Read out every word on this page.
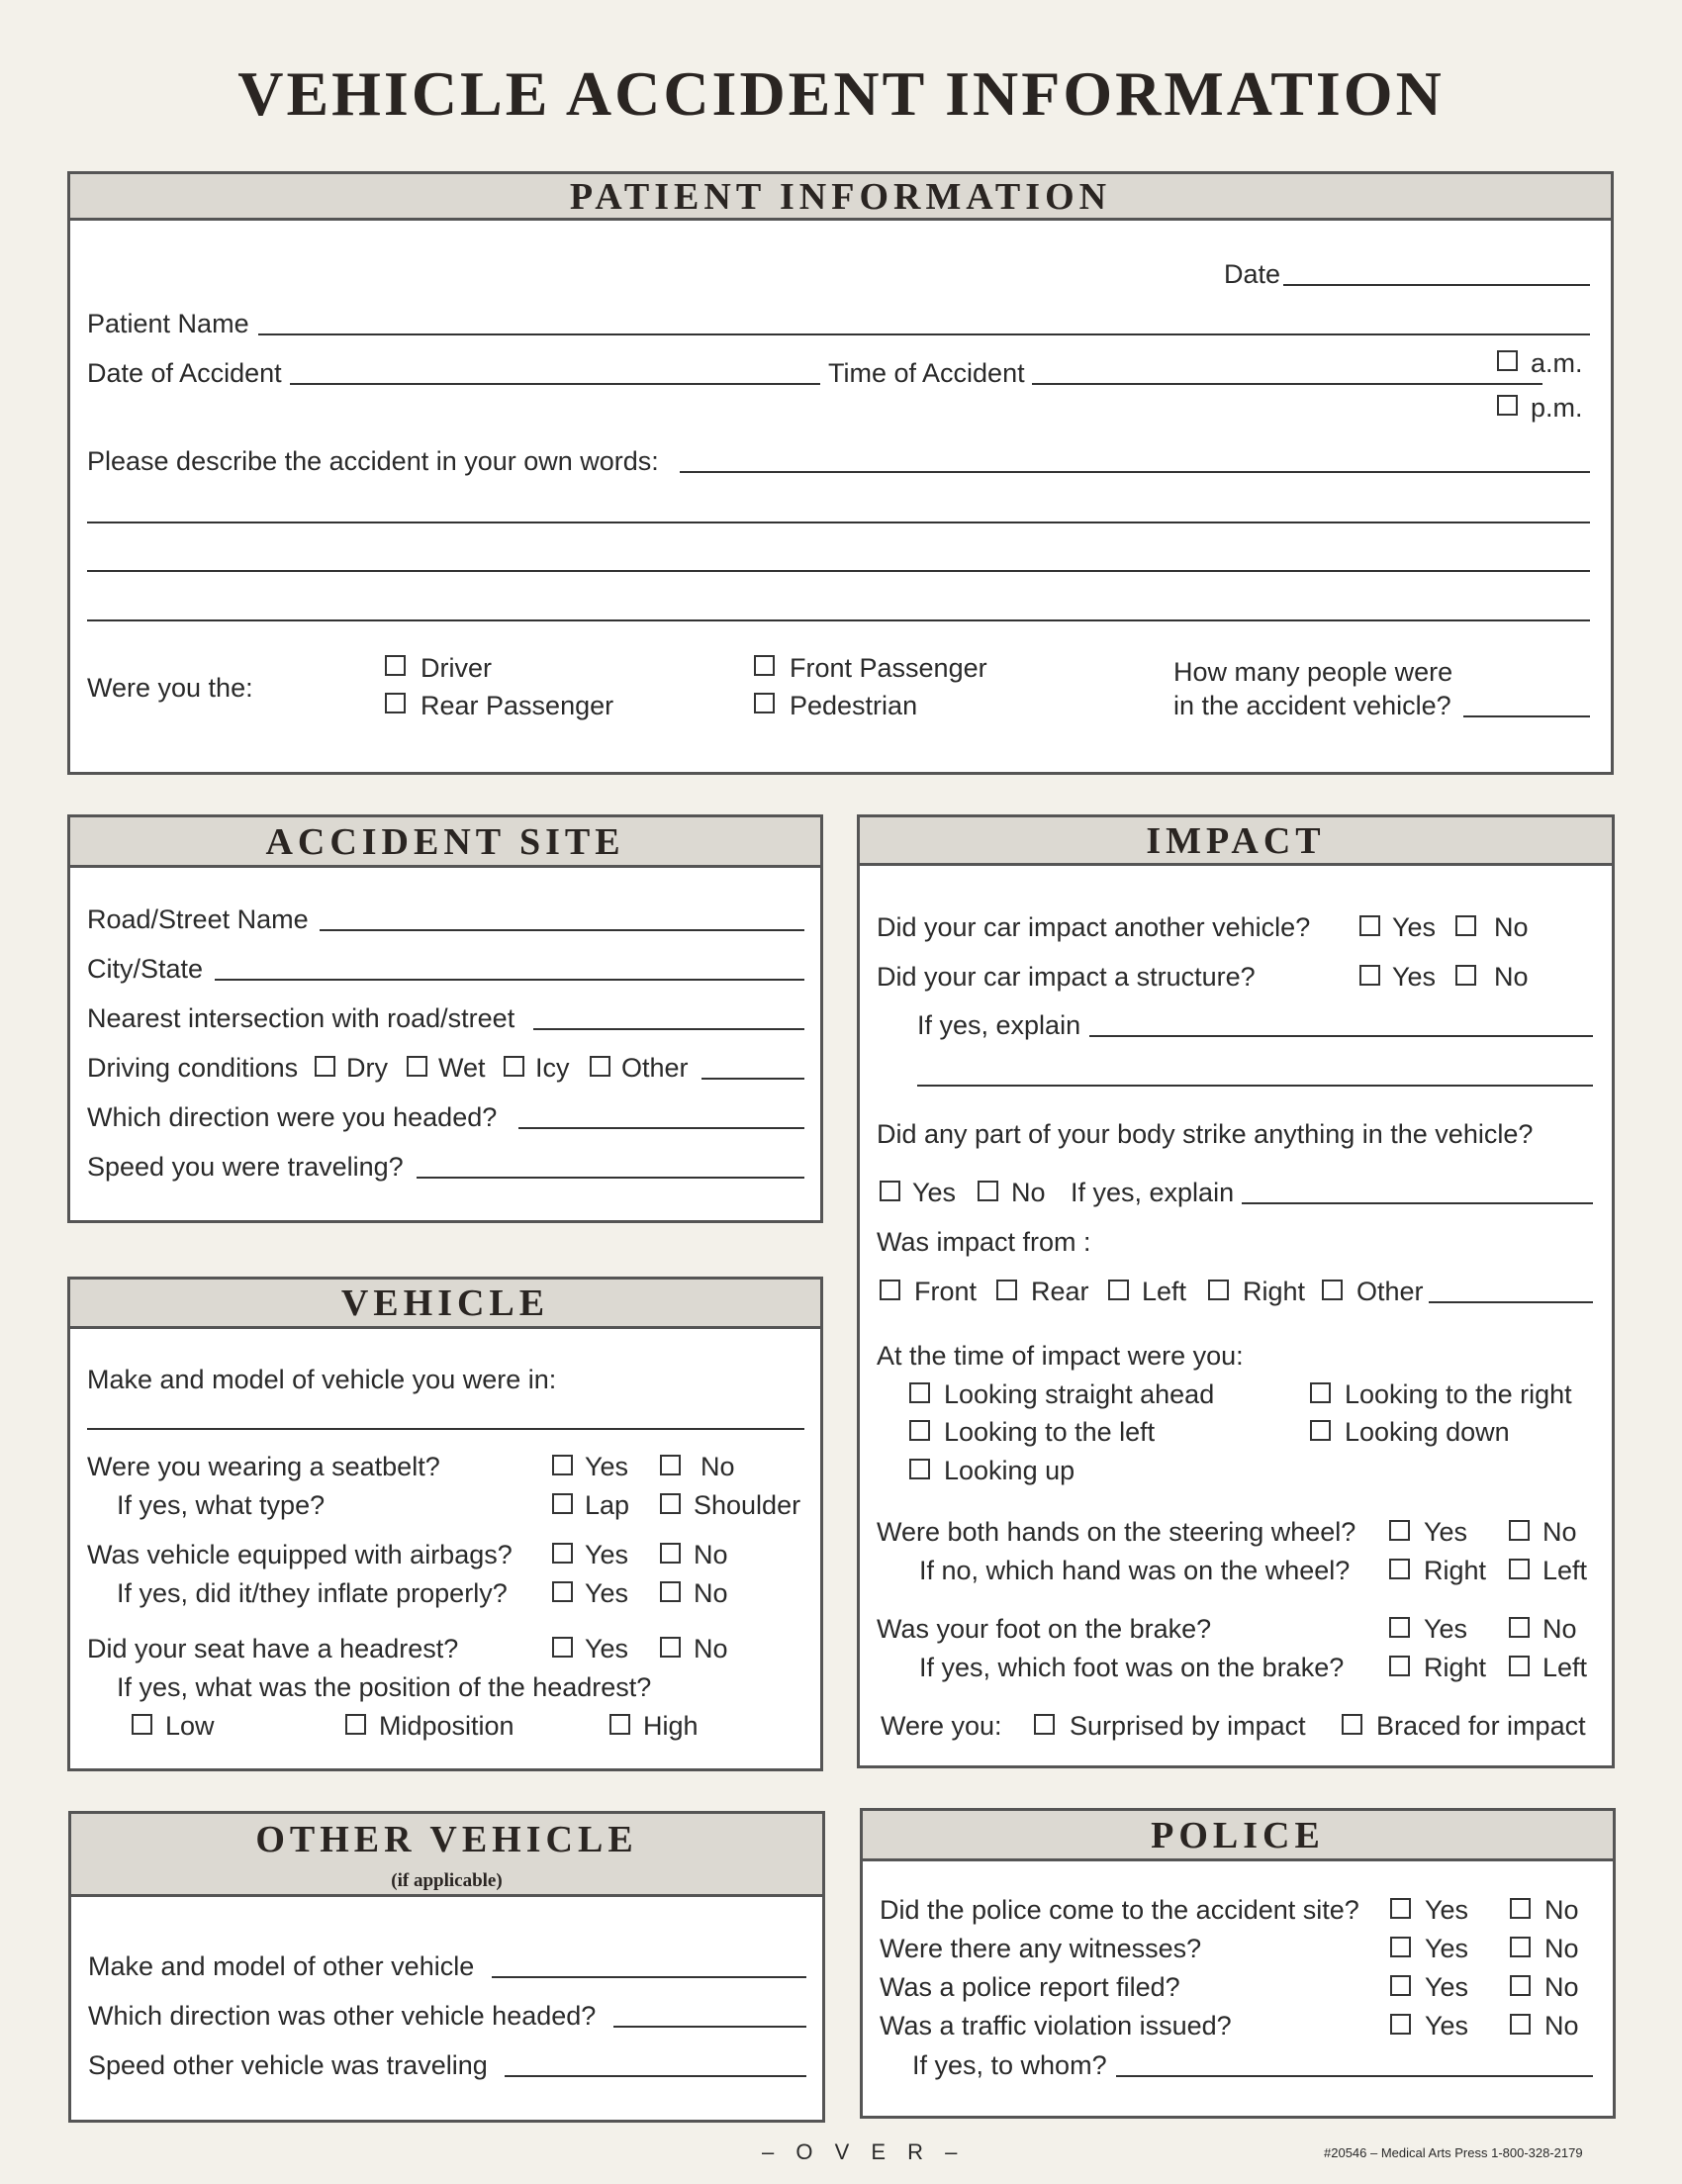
VEHICLE ACCIDENT INFORMATION
PATIENT INFORMATION
Date
Patient Name
Date of Accident	Time of Accident	a.m.
p.m.
Please describe the accident in your own words:
Were you the:
Driver
Rear Passenger
Front Passenger
Pedestrian
How many people were
in the accident vehicle?
ACCIDENT SITE
Road/Street Name
City/State
Nearest intersection with road/street
Driving conditions Dry Wet Icy Other
Which direction were you headed?
Speed you were traveling?
VEHICLE
Make and model of vehicle you were in:
Were you wearing a seatbelt?	Yes	No
If yes, what type?	Lap Shoulder
Was vehicle equipped with airbags?	Yes No
If yes, did it/they inflate properly?	Yes No
Did your seat have a headrest?	Yes No
If yes, what was the position of the headrest?
Low	Midposition	High
OTHER VEHICLE
(if applicable)
Make and model of other vehicle
Which direction was other vehicle headed?
Speed other vehicle was traveling
IMPACT
Did your car impact another vehicle?	Yes No
Did your car impact a structure?	Yes No
If yes, explain
Did any part of your body strike anything in the vehicle?
Yes No If yes, explain
Was impact from :
Front Rear Left Right Other
At the time of impact were you:
Looking straight ahead	Looking to the right
Looking to the left	Looking down
Looking up
Were both hands on the steering wheel?	Yes	No
If no, which hand was on the wheel?	Right Left
Was your foot on the brake?	Yes	No
If yes, which foot was on the brake?	Right Left
Were you:	Surprised by impact	Braced for impact
POLICE
Did the police come to the accident site? Yes	No
Were there any witnesses?	Yes	No
Was a police report filed?	Yes	No
Was a traffic violation issued?	Yes	No
If yes, to whom?
– O V E R –	#20546 – Medical Arts Press 1-800-328-2179
